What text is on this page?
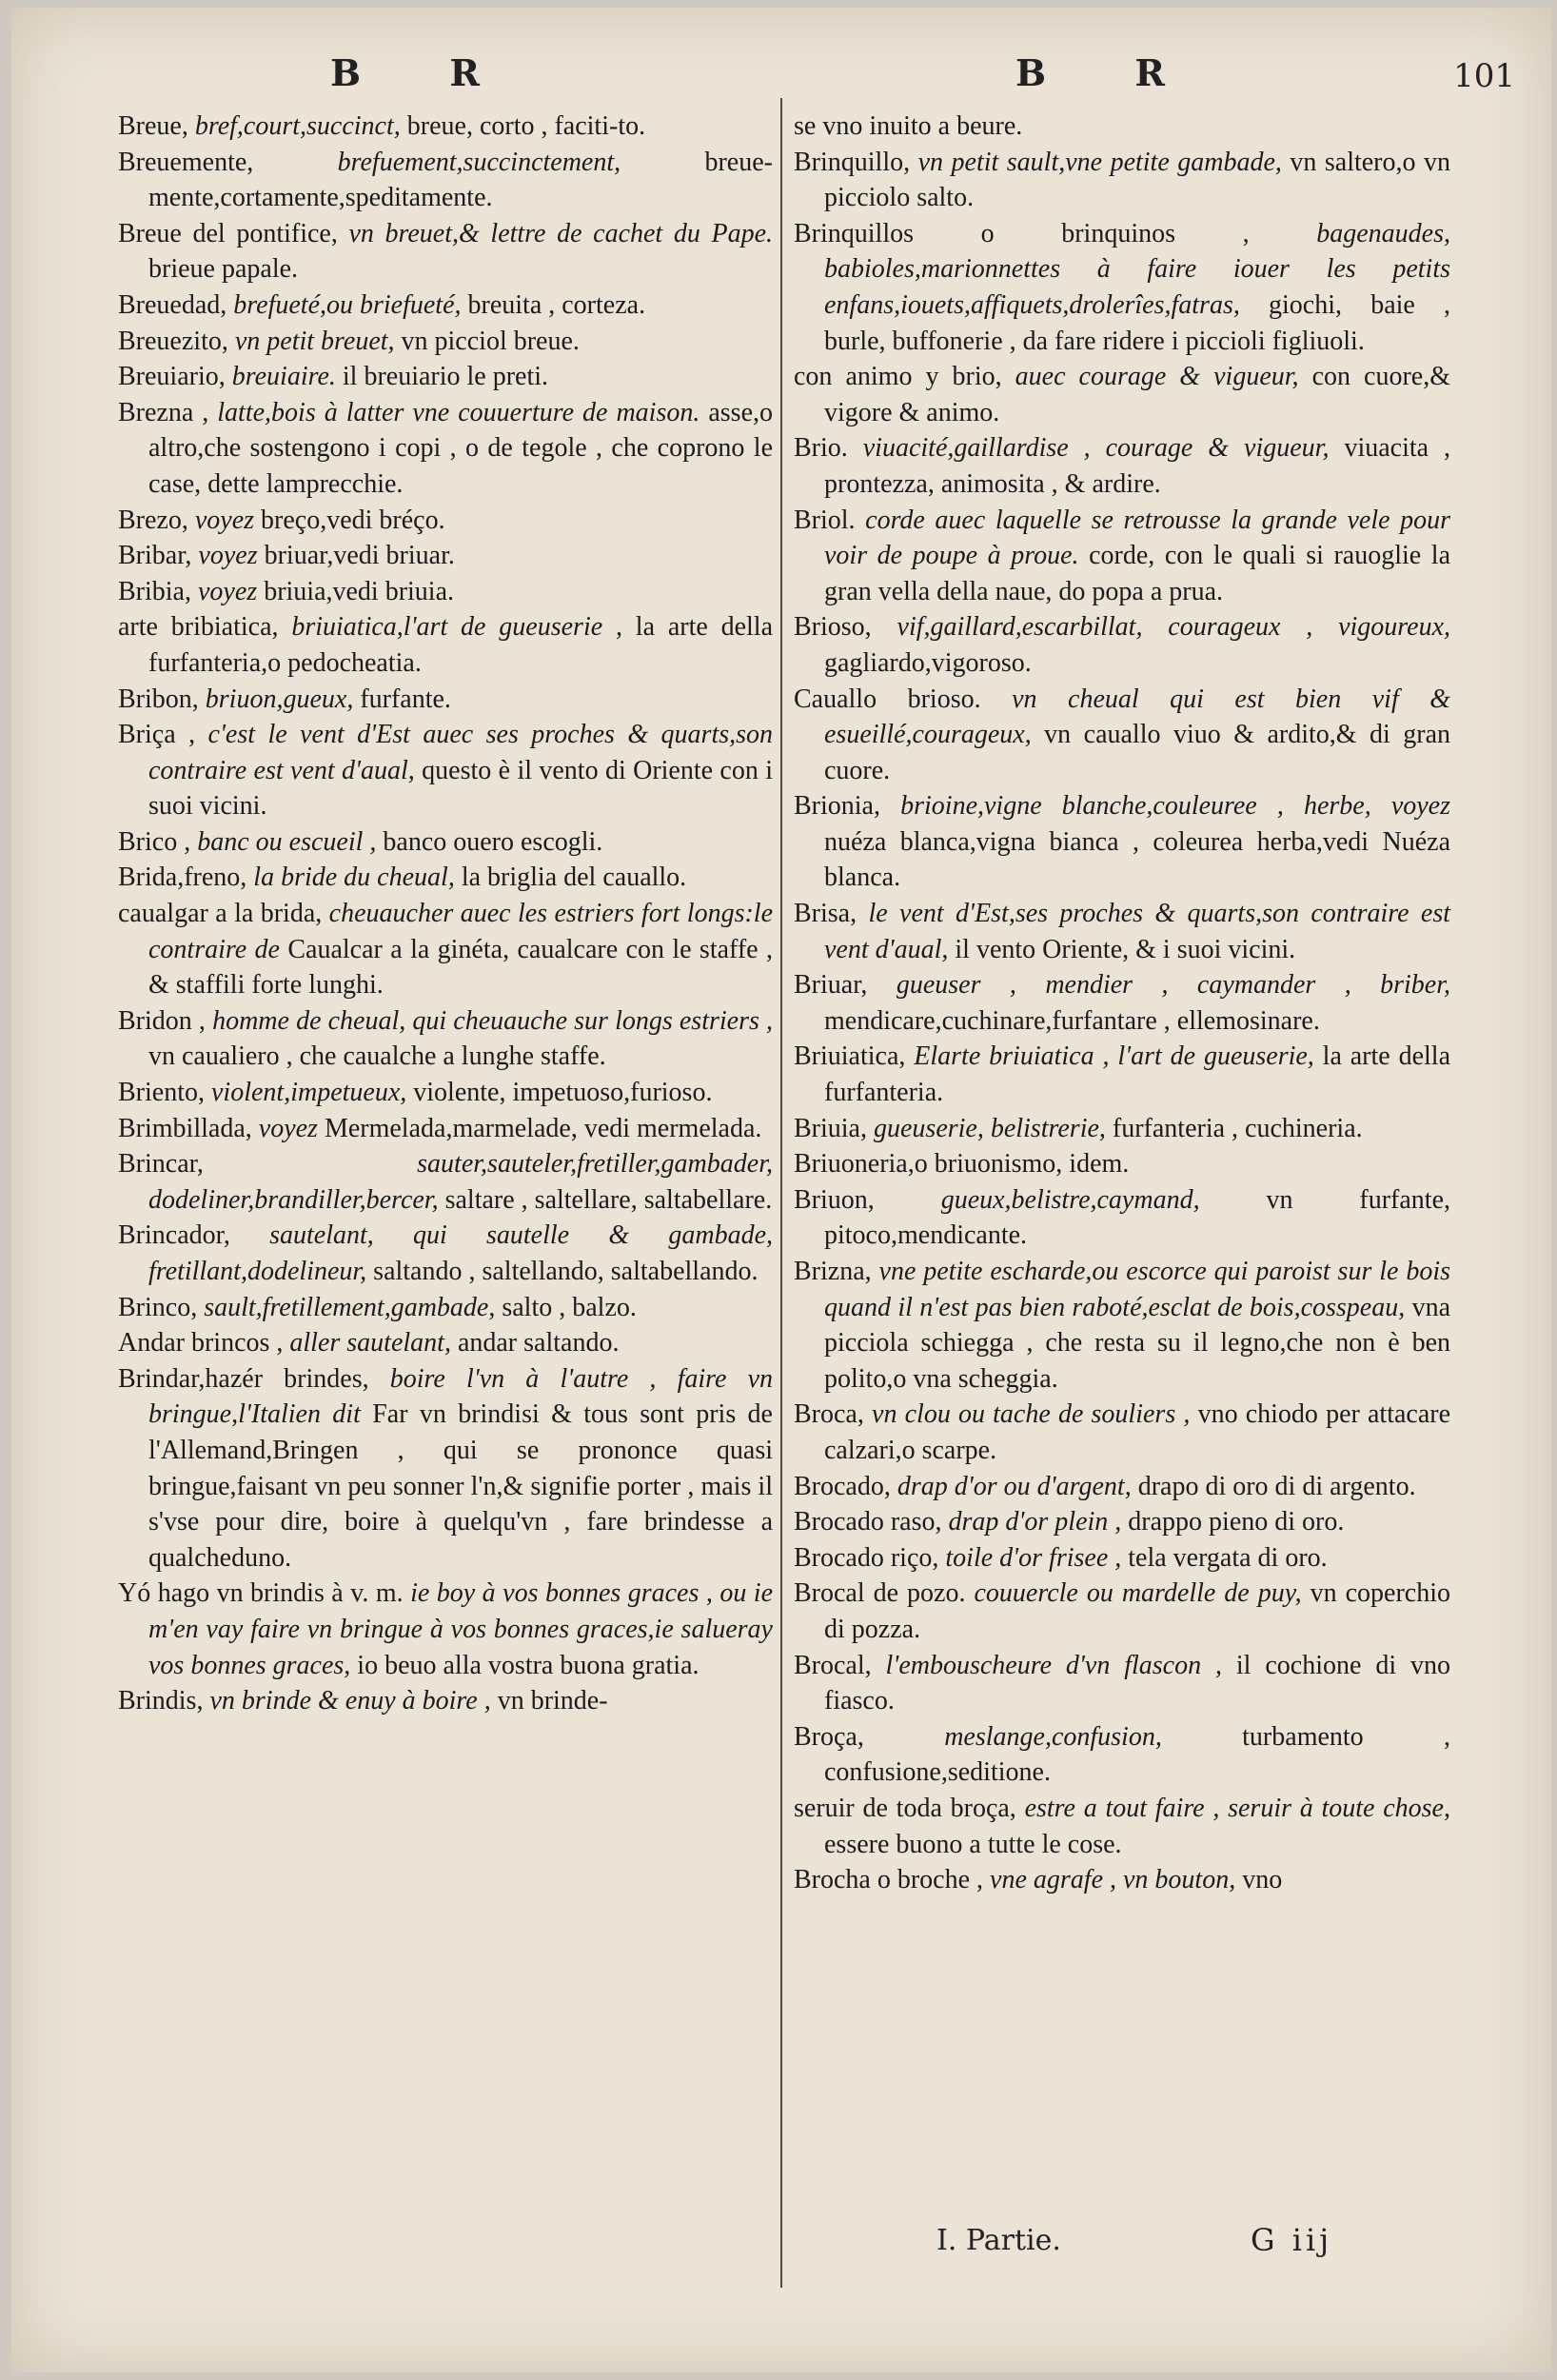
B R	B R	101

Breue, bref,court,succinct, breue, corto , faciti-to.

Breuemente,	brefuement,succinctement,	breue-mente,cortamente,speditamente.

Breue del pontifice, vn breuet,& lettre de cachet du Pape. brieue papale.

Breuedad, brefueté,ou briefueté, breuita , corteza.

Breuezito, vn petit breuet, vn picciol breue.

Breuiario, breuiaire. il breuiario le preti.

Brezna , latte,bois à latter vne couuerture de maison. asse,o altro,che sostengono i copi , o de tegole , che coprono le case, dette lamprecchie.

Brezo, voyez breço,vedi bréço.

Bribar, voyez briuar,vedi briuar.

Bribia, voyez briuia,vedi briuia.

arte bribiatica, briuiatica,l'art de gueuserie , la arte della furfanteria,o pedocheatia.

Bribon, briuon,gueux, furfante.

Briça , c'est le vent d'Est auec ses proches & quarts,son contraire est vent d'aual, questo è il vento di Oriente con i suoi vicini.

Brico , banc ou escueil , banco ouero escogli.

Brida,freno, la bride du cheual, la briglia del cauallo.

caualgar a la brida, cheuaucher auec les estriers fort longs:le contraire de Caualcar a la ginéta, caualcare con le staffe , & staffili forte lunghi.

Bridon , homme de cheual, qui cheuauche sur longs estriers , vn caualiero , che caualche a lunghe staffe.

Briento, violent,impetueux, violente, impetuoso,furioso.

Brimbillada, voyez Mermelada,marmelade, vedi mermelada.

Brincar,	sauter,sauteler,fretiller,gambader, dodeliner,brandiller,bercer, saltare , saltellare, saltabellare.

Brincador, sautelant, qui sautelle & gambade, fretillant,dodelineur, saltando , saltellando, saltabellando.

Brinco, sault,fretillement,gambade, salto , balzo.

Andar brincos , aller sautelant, andar saltando.

Brindar,hazér brindes, boire l'vn à l'autre , faire vn bringue,l'Italien dit Far vn brindisi & tous sont pris de l'Allemand,Bringen , qui se prononce quasi bringue,faisant vn peu sonner l'n,& signifie porter , mais il s'vse pour dire, boire à quelqu'vn , fare brindesse a qualcheduno.

Yó hago vn brindis à v. m. ie boy à vos bonnes graces , ou ie m'en vay faire vn bringue à vos bonnes graces,ie salueray vos bonnes graces, io beuo alla vostra buona gratia.

Brindis, vn brinde & enuy à boire , vn brinde-

se vno inuito a beure.

Brinquillo, vn petit sault,vne petite gambade, vn saltero,o vn picciolo salto.

Brinquillos o brinquinos ,	bagenaudes, babioles,marionnettes à faire iouer les petits enfans,iouets,affiquets,drolerîes,fatras, giochi, baie , burle, buffonerie , da fare ridere i piccioli figliuoli.

con animo y brio, auec courage & vigueur, con cuore,& vigore & animo.

Brio. viuacité,gaillardise , courage & vigueur, viuacita , prontezza, animosita , & ardire.

Briol. corde auec laquelle se retrousse la grande vele pour voir de poupe à proue. corde, con le quali si rauoglie la gran vella della naue, do popa a prua.

Brioso, vif,gaillard,escarbillat, courageux , vigoureux, gagliardo,vigoroso.

Cauallo brioso. vn cheual qui est bien vif & esueillé,courageux, vn cauallo viuo & ardito,& di gran cuore.

Brionia, brioine,vigne blanche,couleuree , herbe, voyez nuéza blanca,vigna bianca , coleurea herba,vedi Nuéza blanca.

Brisa, le vent d'Est,ses proches & quarts,son contraire est vent d'aual, il vento Oriente, & i suoi vicini.

Briuar, gueuser , mendier , caymander , briber, mendicare,cuchinare,furfantare , ellemosinare.

Briuiatica, Elarte briuiatica , l'art de gueuserie, la arte della furfanteria.

Briuia, gueuserie, belistrerie, furfanteria , cuchineria.

Briuoneria,o briuonismo, idem.

Briuon, gueux,belistre,caymand, vn furfante, pitoco,mendicante.

Brizna, vne petite escharde,ou escorce qui paroist sur le bois quand il n'est pas bien raboté,esclat de bois,cosspeau, vna picciola schiegga , che resta su il legno,che non è ben polito,o vna scheggia.

Broca, vn clou ou tache de souliers , vno chiodo per attacare calzari,o scarpe.

Brocado, drap d'or ou d'argent, drapo di oro di di argento.

Brocado raso, drap d'or plein , drappo pieno di oro.

Brocado riço, toile d'or frisee , tela vergata di oro.

Brocal de pozo. couuercle ou mardelle de puy, vn coperchio di pozza.

Brocal, l'embouscheure d'vn flascon , il cochione di vno fiasco.

Broça,	meslange,confusion,	turbamento , confusione,seditione.

seruir de toda broça, estre a tout faire , seruir à toute chose, essere buono a tutte le cose.

Brocha o broche , vne agrafe , vn bouton, vno

I. Partie.	G iij
